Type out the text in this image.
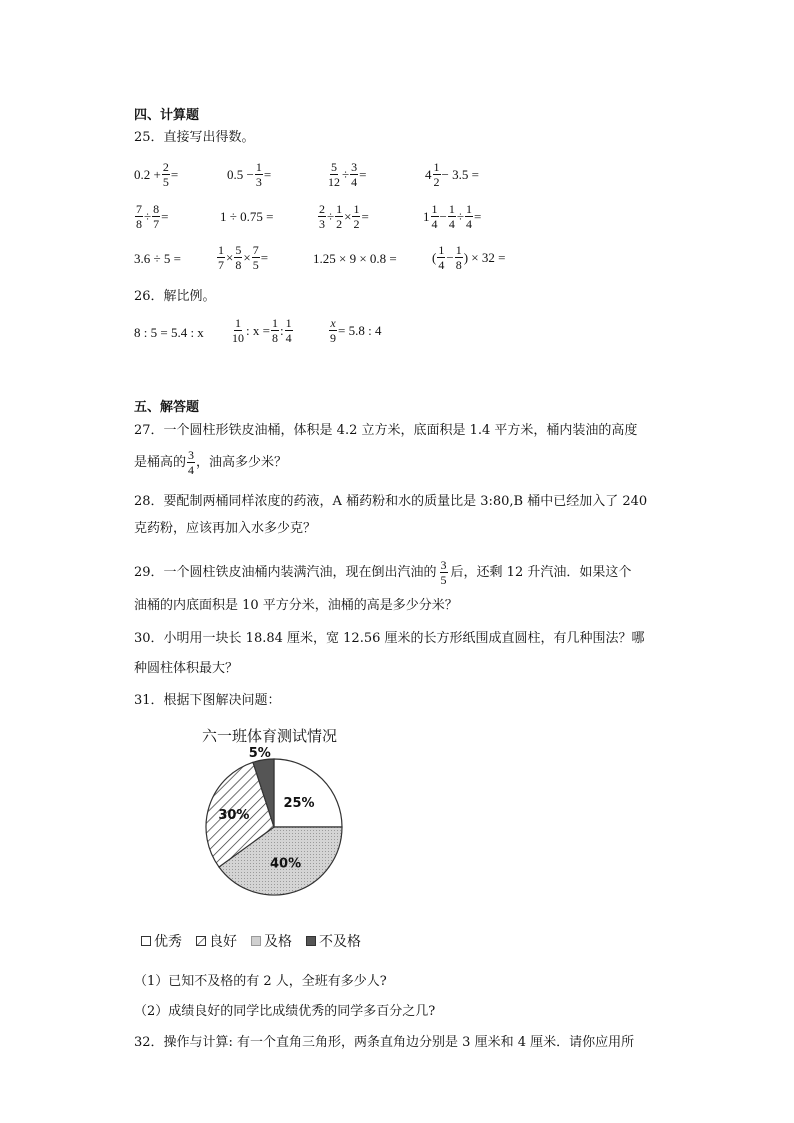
四、计算题
25．直接写出得数。
$0.2 + \frac{2}{5}$ =	$0.5 - \frac{1}{3}$ =	$\frac{5}{12} \div \frac{3}{4}$ =	$4 \frac{1}{2} - 3.5$ =
$\frac{7}{8} \div \frac{8}{7}$ =	1 ÷ 0.75 =	$\frac{2}{3} \div \frac{1}{2} \times \frac{1}{2}$ =	$1 \frac{1}{4} - \frac{1}{4} \div \frac{1}{4}$ =
3.6 ÷ 5 =	$\frac{1}{7} \times \frac{5}{8} \times \frac{7}{5}$ =	1.25 × 9 × 0.8 =	( $\frac{1}{4} - \frac{1}{8}$ ) × 32 =
26．解比例。
8 : 5 = 5.4 : x $\frac{1}{10}$ : $x = \frac{1}{8}$ : $\frac{1}{4}$	$\frac{x}{9} = 5.8$ : 4
五、解答题
27．一个圆柱形铁皮油桶，体积是 4.2 立方米，底面积是 1.4 平方米，桶内装油的高度
是桶高的 $\frac{3}{4}$ ，油高多少米？
28．要配制两桶同样浓度的药液，A 桶药粉和水的质量比是 3:80,B 桶中已经加入了 240
克药粉，应该再加入水多少克？
29．一个圆柱铁皮油桶内装满汽油，现在倒出汽油的 $\frac{3}{5}$ 后，还剩 12 升汽油．如果这个
油桶的内底面积是 10 平方分米，油桶的高是多少分米？
30．小明用一块长 18.84 厘米，宽 12.56 厘米的长方形纸围成直圆柱，有几种围法？哪
种圆柱体积最大？
31．根据下图解决问题：
六一班体育测试情况
25%
40%
30%
5%
优秀 良好 及格 不及格
（1）已知不及格的有 2 人，全班有多少人?
（2）成绩良好的同学比成绩优秀的同学多百分之几?
32．操作与计算: 有一个直角三角形，两条直角边分别是 3 厘米和 4 厘米．请你应用所
